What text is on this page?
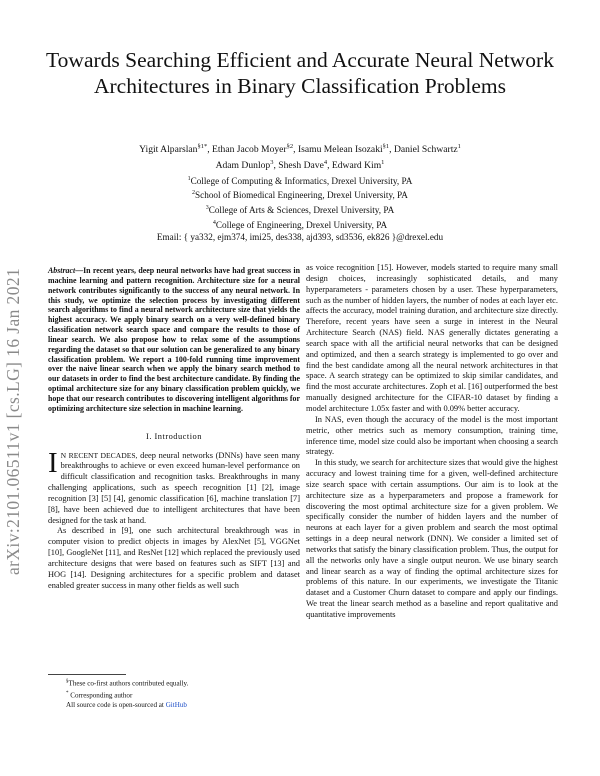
arXiv:2101.06511v1 [cs.LG] 16 Jan 2021
Towards Searching Efficient and Accurate Neural Network Architectures in Binary Classification Problems
Yigit Alparslan$^{\S 1*}$, Ethan Jacob Moyer$^{\S 2}$, Isamu Melean Isozaki$^{\S 1}$, Daniel Schwartz$^1$
Adam Dunlop$^3$, Shesh Dave$^4$, Edward Kim$^1$
$^1$College of Computing & Informatics, Drexel University, PA
$^2$School of Biomedical Engineering, Drexel University, PA
$^3$College of Arts & Sciences, Drexel University, PA
$^4$College of Engineering, Drexel University, PA
Email: { ya332, ejm374, imi25, des338, ajd393, sd3536, ek826 }@drexel.edu
Abstract—In recent years, deep neural networks have had great success in machine learning and pattern recognition. Architecture size for a neural network contributes significantly to the success of any neural network. In this study, we optimize the selection process by investigating different search algorithms to find a neural network architecture size that yields the highest accuracy. We apply binary search on a very well-defined binary classification network search space and compare the results to those of linear search. We also propose how to relax some of the assumptions regarding the dataset so that our solution can be generalized to any binary classification problem. We report a 100-fold running time improvement over the naive linear search when we apply the binary search method to our datasets in order to find the best architecture candidate. By finding the optimal architecture size for any binary classification problem quickly, we hope that our research contributes to discovering intelligent algorithms for optimizing architecture size selection in machine learning.
I. Introduction

IN RECENT DECADES, deep neural networks (DNNs) have seen many breakthroughs to achieve or even exceed human-level performance on difficult classification and recognition tasks. Breakthroughs in many challenging applications, such as speech recognition [1] [2], image recognition [3] [5] [4], genomic classification [6], machine translation [7] [8], have been achieved due to intelligent architectures that have been designed for the task at hand.

As described in [9], one such architectural breakthrough was in computer vision to predict objects in images by AlexNet [5], VGGNet [10], GoogleNet [11], and ResNet [12] which replaced the previously used architecture designs that were based on features such as SIFT [13] and HOG [14]. Designing architectures for a specific problem and dataset enabled greater success in many other fields as well such

as voice recognition [15]. However, models started to require many small design choices, increasingly sophisticated details, and many hyperparameters - parameters chosen by a user. These hyperparameters, such as the number of hidden layers, the number of nodes at each layer etc. affects the accuracy, model training duration, and architecture size directly. Therefore, recent years have seen a surge in interest in the Neural Architecture Search (NAS) field. NAS generally dictates generating a search space with all the artificial neural networks that can be designed and optimized, and then a search strategy is implemented to go over and find the best candidate among all the neural network architectures in that space. A search strategy can be optimized to skip similar candidates, and find the most accurate architectures. Zoph et al. [16] outperformed the best manually designed architecture for the CIFAR-10 dataset by finding a model architecture 1.05x faster and with 0.09% better accuracy.

In NAS, even though the accuracy of the model is the most important metric, other metrics such as memory consumption, training time, inference time, model size could also be important when choosing a search strategy.

In this study, we search for architecture sizes that would give the highest accuracy and lowest training time for a given, well-defined architecture size search space with certain assumptions. Our aim is to look at the architecture size as a hyperparameters and propose a framework for discovering the most optimal architecture size for a given problem. We specifically consider the number of hidden layers and the number of neurons at each layer for a given problem and search the most optimal settings in a deep neural network (DNN). We consider a limited set of networks that satisfy the binary classification problem. Thus, the output for all the networks only have a single output neuron. We use binary search and linear search as a way of finding the optimal architecture sizes for problems of this nature. In our experiments, we investigate the Titanic dataset and a Customer Churn dataset to compare and apply our findings. We treat the linear search method as a baseline and report qualitative and quantitative improvements

§These co-first authors contributed equally.
* Corresponding author
All source code is open-sourced at GitHub
